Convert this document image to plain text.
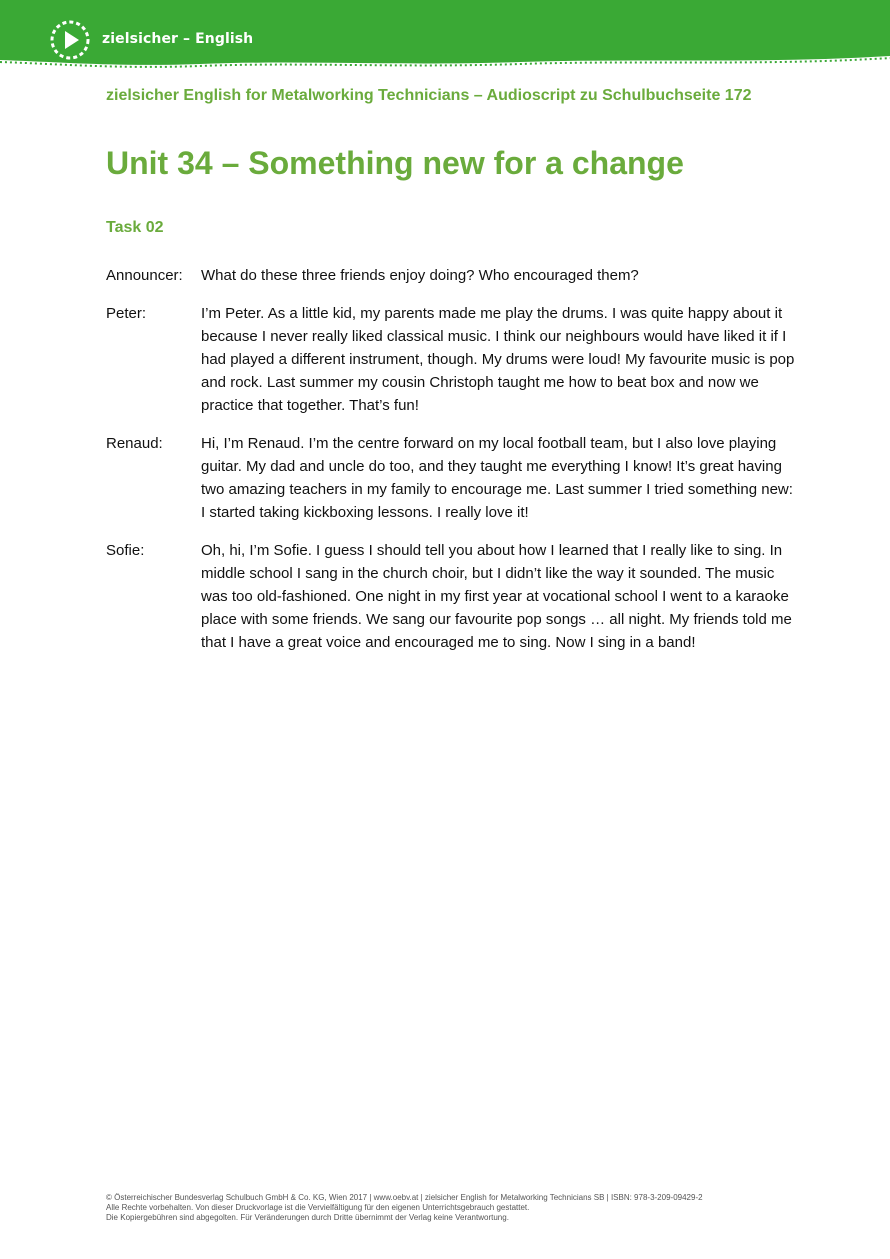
zielsicher – English
zielsicher English for Metalworking Technicians – Audioscript zu Schulbuchseite 172
Unit 34 – Something new for a change
Task 02
Announcer:	What do these three friends enjoy doing? Who encouraged them?
Peter:	I’m Peter. As a little kid, my parents made me play the drums. I was quite happy about it because I never really liked classical music. I think our neighbours would have liked it if I had played a different instrument, though. My drums were loud! My favourite music is pop and rock. Last summer my cousin Christoph taught me how to beat box and now we practice that together. That’s fun!
Renaud:	Hi, I’m Renaud. I’m the centre forward on my local football team, but I also love playing guitar. My dad and uncle do too, and they taught me everything I know! It’s great having two amazing teachers in my family to encourage me. Last summer I tried something new: I started taking kickboxing lessons. I really love it!
Sofie:	Oh, hi, I’m Sofie. I guess I should tell you about how I learned that I really like to sing. In middle school I sang in the church choir, but I didn’t like the way it sounded. The music was too old-fashioned. One night in my first year at vocational school I went to a karaoke place with some friends. We sang our favourite pop songs … all night. My friends told me that I have a great voice and encouraged me to sing. Now I sing in a band!
© Österreichischer Bundesverlag Schulbuch GmbH & Co. KG, Wien 2017 | www.oebv.at | zielsicher English for Metalworking Technicians SB | ISBN: 978-3-209-09429-2
Alle Rechte vorbehalten. Von dieser Druckvorlage ist die Vervielfältigung für den eigenen Unterrichtsgebrauch gestattet.
Die Kopiergebühren sind abgegolten. Für Veränderungen durch Dritte übernimmt der Verlag keine Verantwortung.
